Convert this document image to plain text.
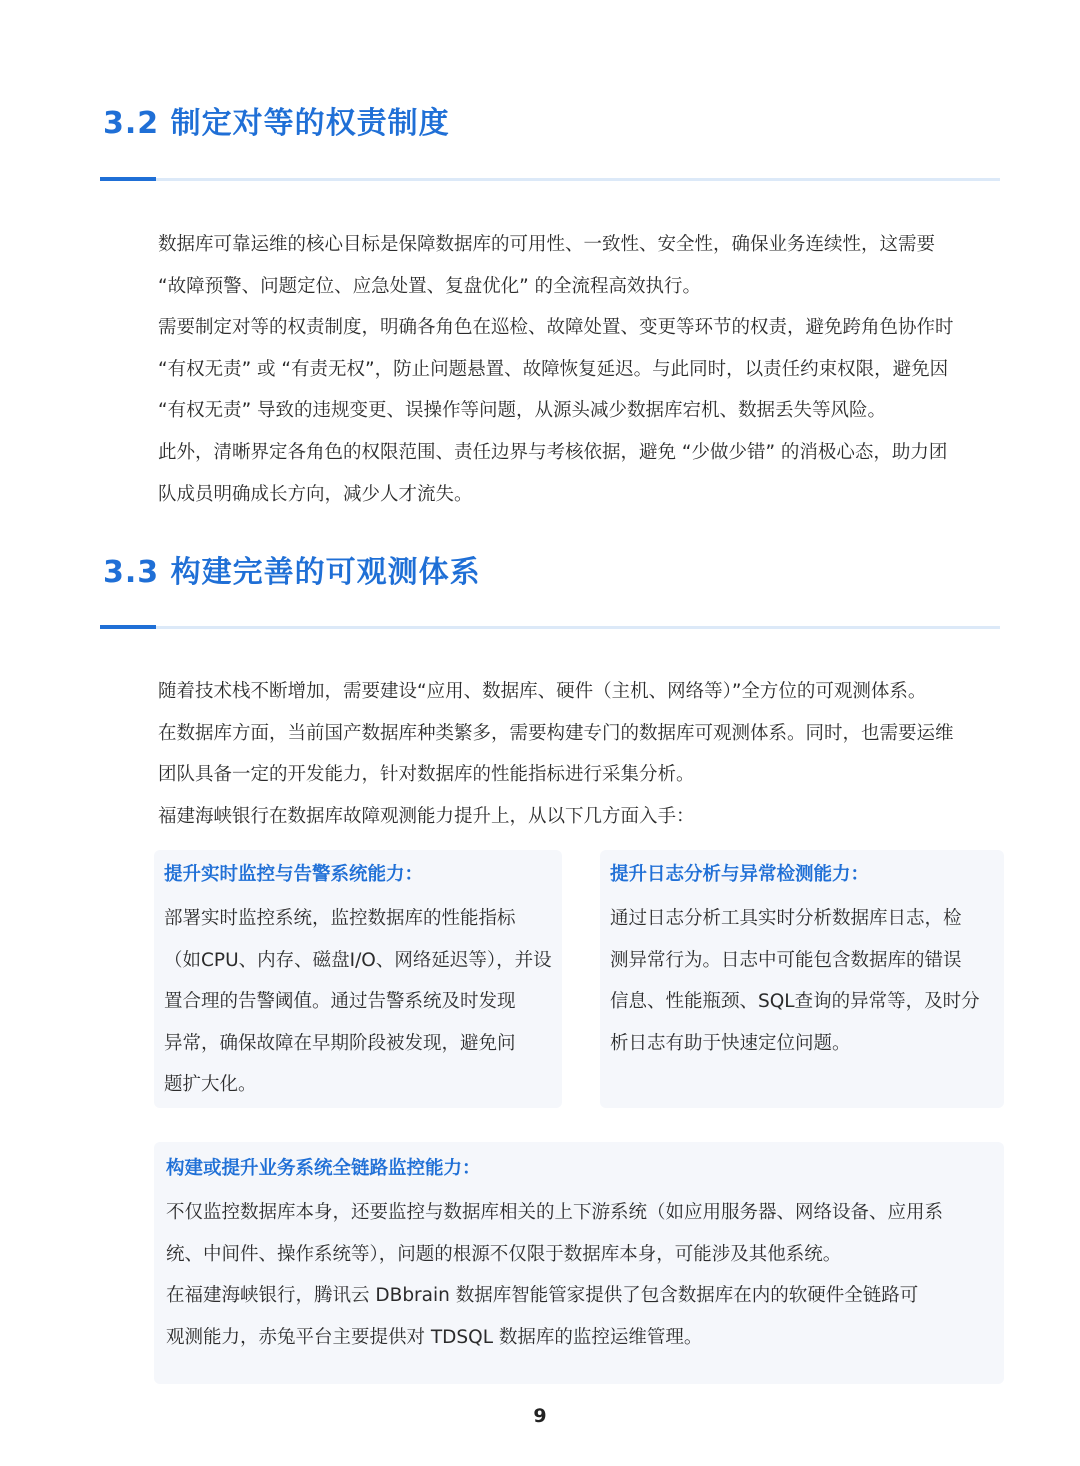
3.2 制定对等的权责制度

数据库可靠运维的核心目标是保障数据库的可用性、一致性、安全性，确保业务连续性，这需要

“故障预警、问题定位、应急处置、复盘优化” 的全流程高效执行。

需要制定对等的权责制度，明确各角色在巡检、故障处置、变更等环节的权责，避免跨角色协作时

“有权无责” 或 “有责无权”，防止问题悬置、故障恢复延迟。与此同时，以责任约束权限，避免因

“有权无责” 导致的违规变更、误操作等问题，从源头减少数据库宕机、数据丢失等风险。

此外，清晰界定各角色的权限范围、责任边界与考核依据，避免 “少做少错” 的消极心态，助力团

队成员明确成长方向，减少人才流失。

3.3 构建完善的可观测体系

随着技术栈不断增加，需要建设“应用、数据库、硬件（主机、网络等）”全方位的可观测体系。

在数据库方面，当前国产数据库种类繁多，需要构建专门的数据库可观测体系。同时，也需要运维

团队具备一定的开发能力，针对数据库的性能指标进行采集分析。

福建海峡银行在数据库故障观测能力提升上，从以下几方面入手：

提升实时监控与告警系统能力：

部署实时监控系统，监控数据库的性能指标

（如CPU、内存、磁盘I/O、网络延迟等），并设

置合理的告警阈值。通过告警系统及时发现

异常，确保故障在早期阶段被发现，避免问

题扩大化。

提升日志分析与异常检测能力：

通过日志分析工具实时分析数据库日志，检

测异常行为。日志中可能包含数据库的错误

信息、性能瓶颈、SQL查询的异常等，及时分

析日志有助于快速定位问题。

构建或提升业务系统全链路监控能力：

不仅监控数据库本身，还要监控与数据库相关的上下游系统（如应用服务器、网络设备、应用系

统、中间件、操作系统等），问题的根源不仅限于数据库本身，可能涉及其他系统。

在福建海峡银行，腾讯云 DBbrain 数据库智能管家提供了包含数据库在内的软硬件全链路可

观测能力，赤兔平台主要提供对 TDSQL 数据库的监控运维管理。

9
